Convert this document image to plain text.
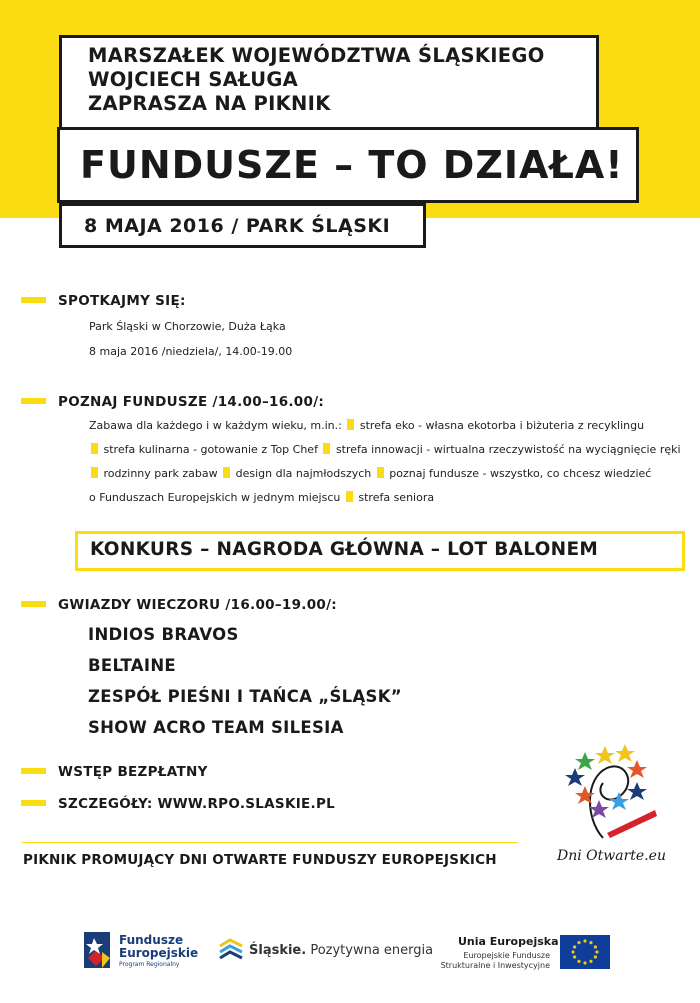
MARSZAŁEK WOJEWÓDZTWA ŚLĄSKIEGO
WOJCIECH SAŁUGA
ZAPRASZA NA PIKNIK
FUNDUSZE – TO DZIAŁA!
8 MAJA 2016 / PARK ŚLĄSKI
SPOTKAJMY SIĘ:
Park Śląski w Chorzowie, Duża Łąka
8 maja 2016 /niedziela/, 14.00-19.00
POZNAJ FUNDUSZE /14.00–16.00/:
Zabawa dla każdego i w każdym wieku, m.in.: strefa eko - własna ekotorba i biżuteria z recyklingu
strefa kulinarna - gotowanie z Top Chef strefa innowacji - wirtualna rzeczywistość na wyciągnięcie ręki
rodzinny park zabaw design dla najmłodszych poznaj fundusze - wszystko, co chcesz wiedzieć
o Funduszach Europejskich w jednym miejscu strefa seniora
KONKURS – NAGRODA GŁÓWNA – LOT BALONEM
GWIAZDY WIECZORU /16.00–19.00/:
INDIOS BRAVOS
BELTAINE
ZESPÓŁ PIEŚNI I TAŃCA „ŚLĄSK”
SHOW ACRO TEAM SILESIA
WSTĘP BEZPŁATNY
SZCZEGÓŁY: WWW.RPO.SLASKIE.PL
PIKNIK PROMUJĄCY DNI OTWARTE FUNDUSZY EUROPEJSKICH	Dni Otwarte.eu
Fundusze
Europejskie
Program Regionalny
Śląskie. Pozytywna energia
Unia Europejska
Europejskie Fundusze
Strukturalne i Inwestycyjne
